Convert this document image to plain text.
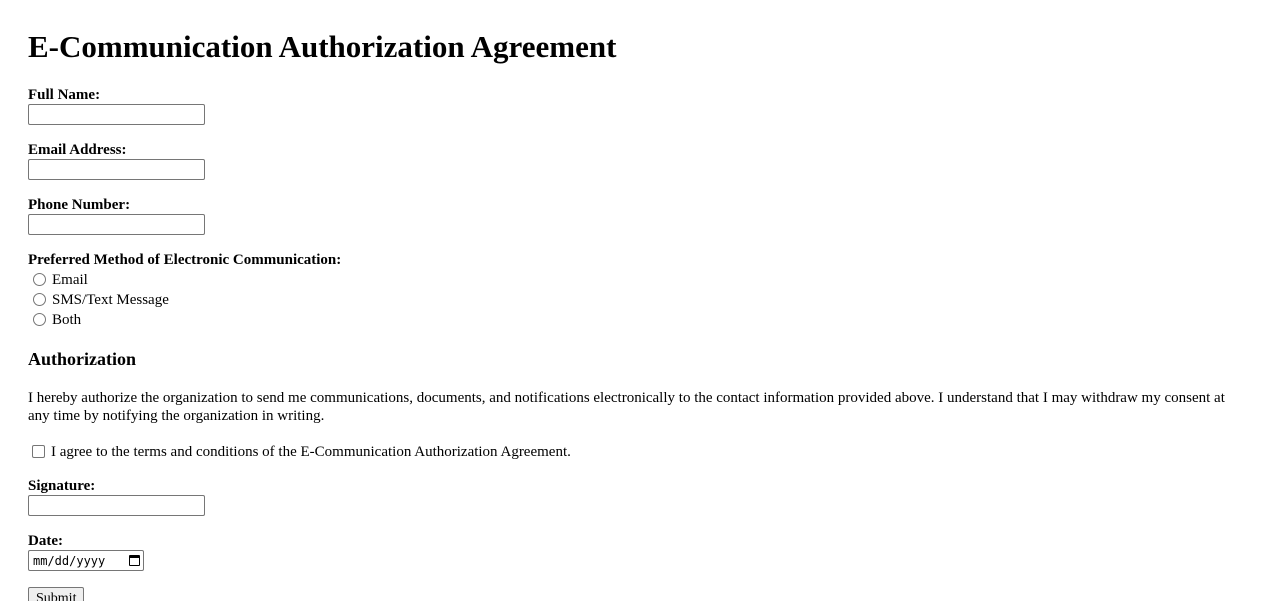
E-Communication Authorization Agreement
Full Name:
Email Address:
Phone Number:
Preferred Method of Electronic Communication:
Email
SMS/Text Message
Both
Authorization
I hereby authorize the organization to send me communications, documents, and notifications electronically to the contact information provided above. I understand that I may withdraw my consent at any time by notifying the organization in writing.
I agree to the terms and conditions of the E-Communication Authorization Agreement.
Signature:
Date:
mm/dd/yyyy
Submit
